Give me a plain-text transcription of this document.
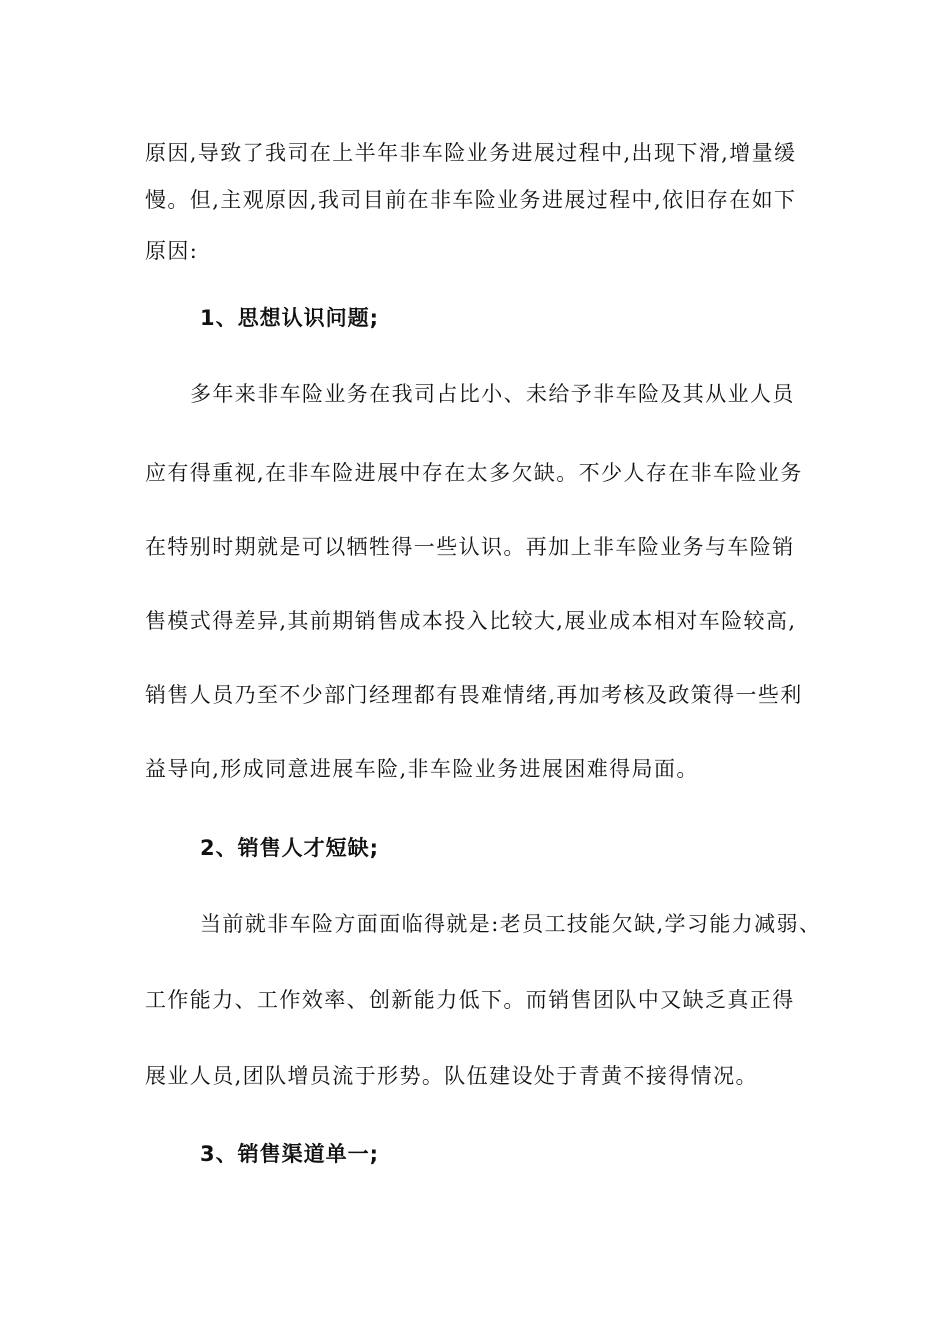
原因,导致了我司在上半年非车险业务进展过程中,出现下滑,增量缓
慢。但,主观原因,我司目前在非车险业务进展过程中,依旧存在如下
原因:
1、思想认识问题;
多年来非车险业务在我司占比小、未给予非车险及其从业人员
应有得重视,在非车险进展中存在太多欠缺。不少人存在非车险业务
在特别时期就是可以牺牲得一些认识。再加上非车险业务与车险销
售模式得差异,其前期销售成本投入比较大,展业成本相对车险较高,
销售人员乃至不少部门经理都有畏难情绪,再加考核及政策得一些利
益导向,形成同意进展车险,非车险业务进展困难得局面。
2、销售人才短缺;
当前就非车险方面面临得就是:老员工技能欠缺,学习能力减弱、
工作能力、工作效率、创新能力低下。而销售团队中又缺乏真正得
展业人员,团队增员流于形势。队伍建设处于青黄不接得情况。
3、销售渠道单一;
